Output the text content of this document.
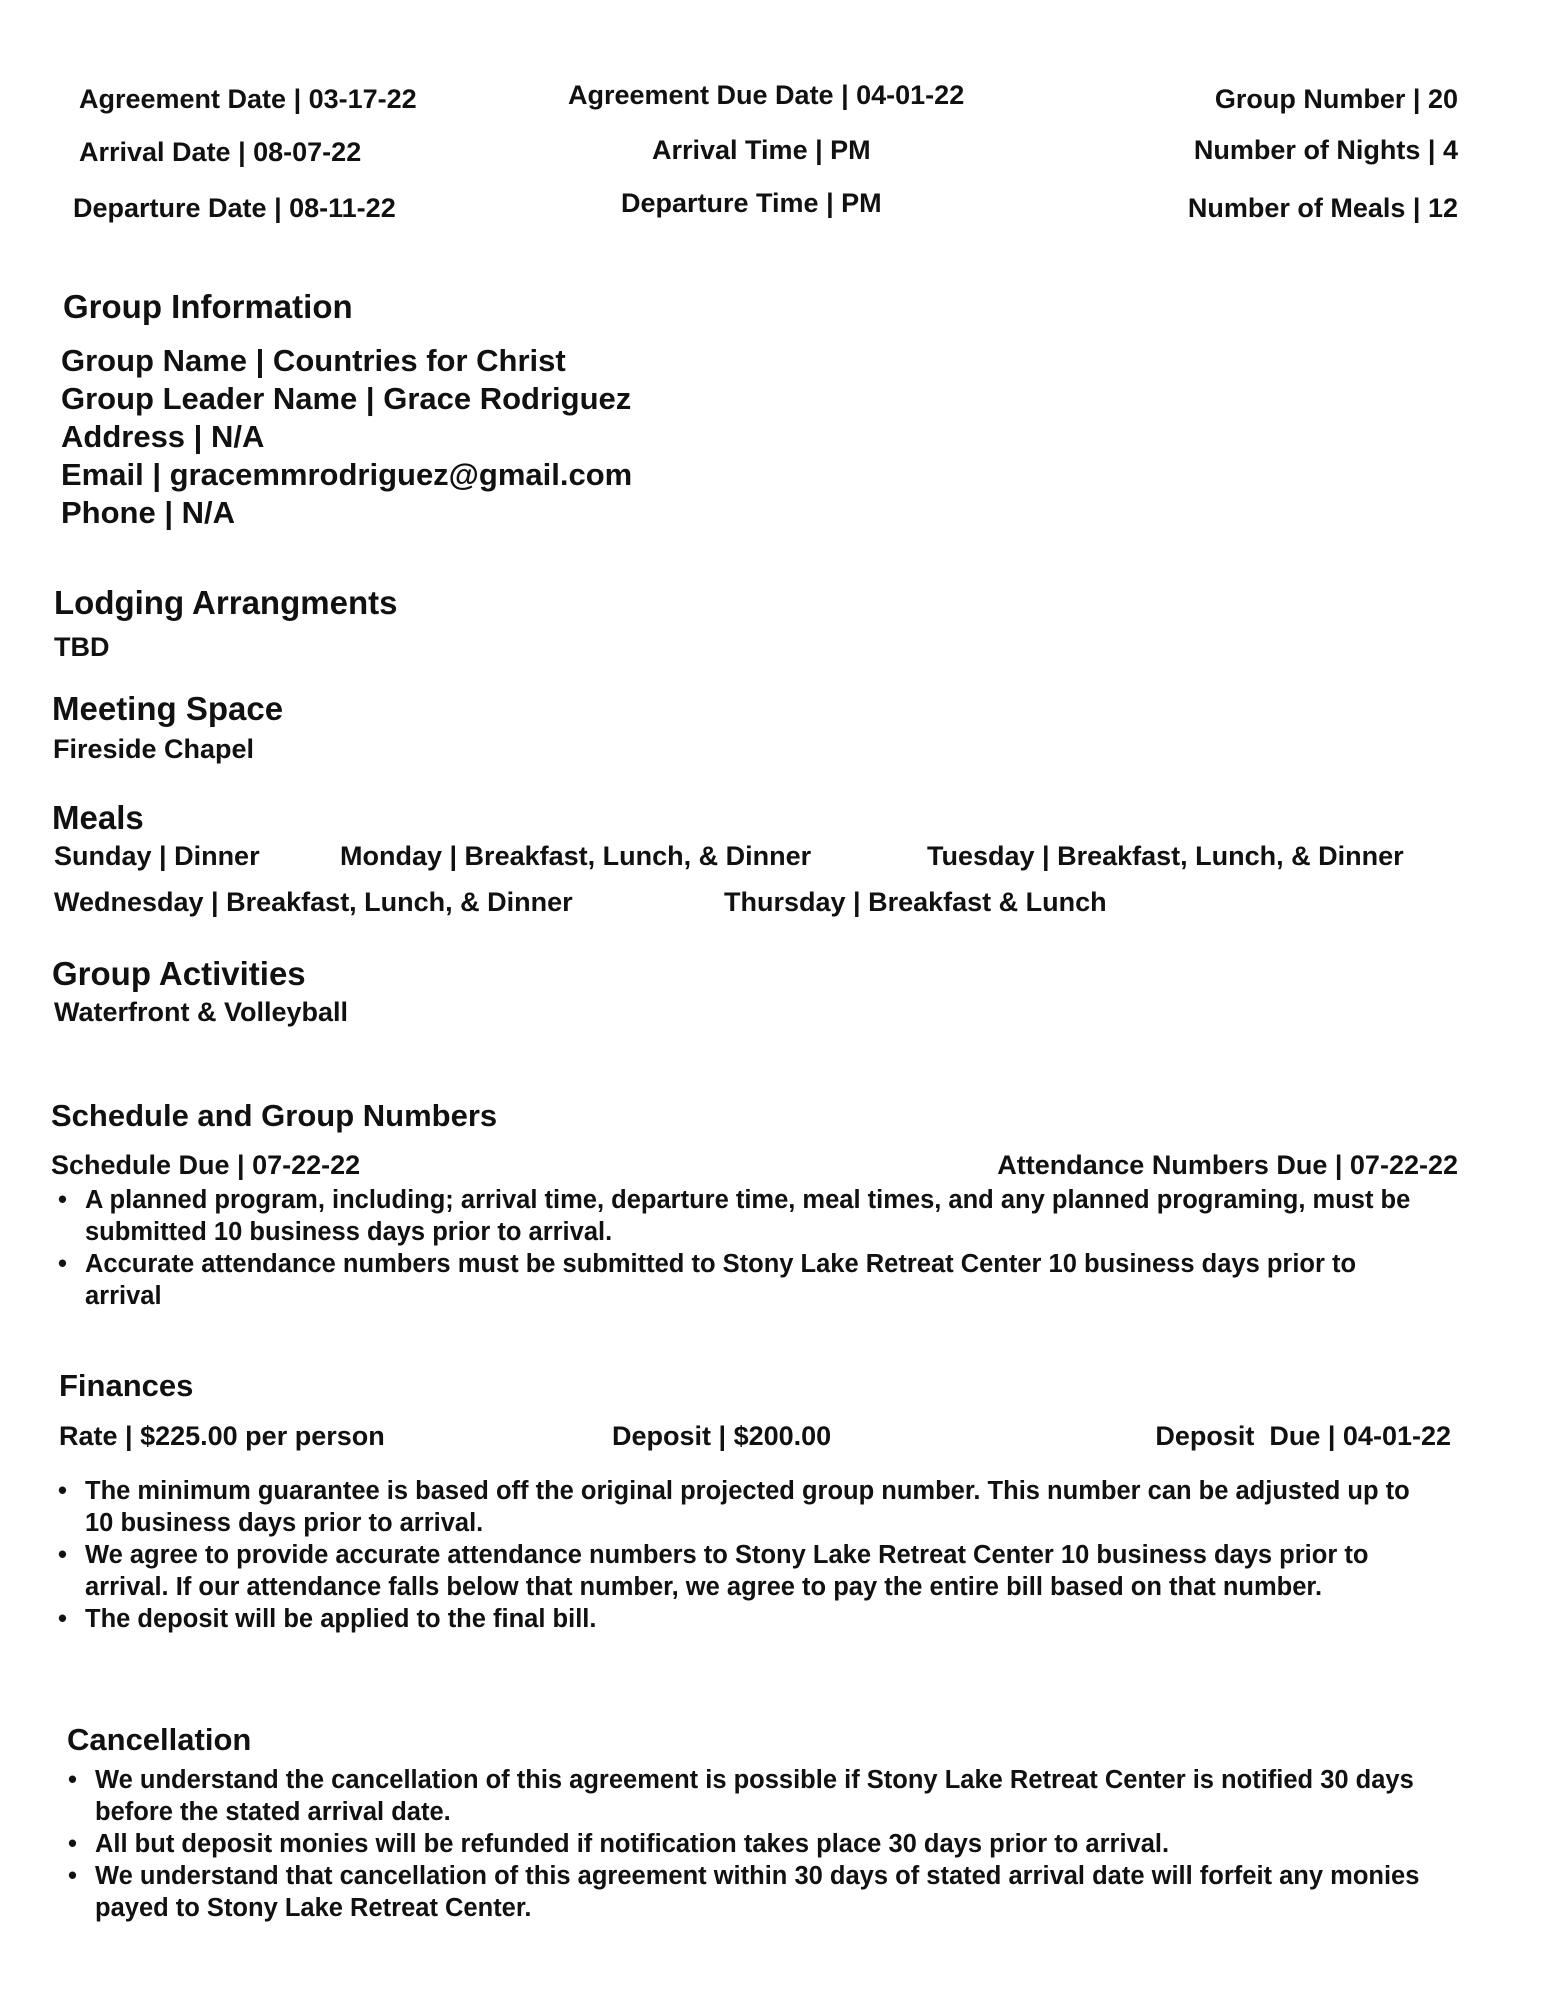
Agreement Date | 03-17-22	Agreement Due Date | 04-01-22	Group Number | 20
Arrival Date | 08-07-22	Arrival Time | PM	Number of Nights | 4
Departure Date | 08-11-22	Departure Time | PM	Number of Meals | 12
Group Information
Group Name | Countries for Christ
Group Leader Name | Grace Rodriguez
Address | N/A
Email | gracemmrodriguez@gmail.com
Phone | N/A
Lodging Arrangments
TBD
Meeting Space
Fireside Chapel
Meals
Sunday | Dinner	Monday | Breakfast, Lunch, & Dinner	Tuesday | Breakfast, Lunch, & Dinner
Wednesday | Breakfast, Lunch, & Dinner	Thursday | Breakfast & Lunch
Group Activities
Waterfront & Volleyball
Schedule and Group Numbers
Schedule Due | 07-22-22	Attendance Numbers Due | 07-22-22
• A planned program, including; arrival time, departure time, meal times, and any planned programing, must be submitted 10 business days prior to arrival.
• Accurate attendance numbers must be submitted to Stony Lake Retreat Center 10 business days prior to arrival
Finances
Rate | $225.00 per person	Deposit | $200.00	Deposit  Due | 04-01-22
• The minimum guarantee is based off the original projected group number. This number can be adjusted up to 10 business days prior to arrival.
• We agree to provide accurate attendance numbers to Stony Lake Retreat Center 10 business days prior to arrival. If our attendance falls below that number, we agree to pay the entire bill based on that number.
• The deposit will be applied to the final bill.
Cancellation
• We understand the cancellation of this agreement is possible if Stony Lake Retreat Center is notified 30 days before the stated arrival date.
• All but deposit monies will be refunded if notification takes place 30 days prior to arrival.
• We understand that cancellation of this agreement within 30 days of stated arrival date will forfeit any monies payed to Stony Lake Retreat Center.
